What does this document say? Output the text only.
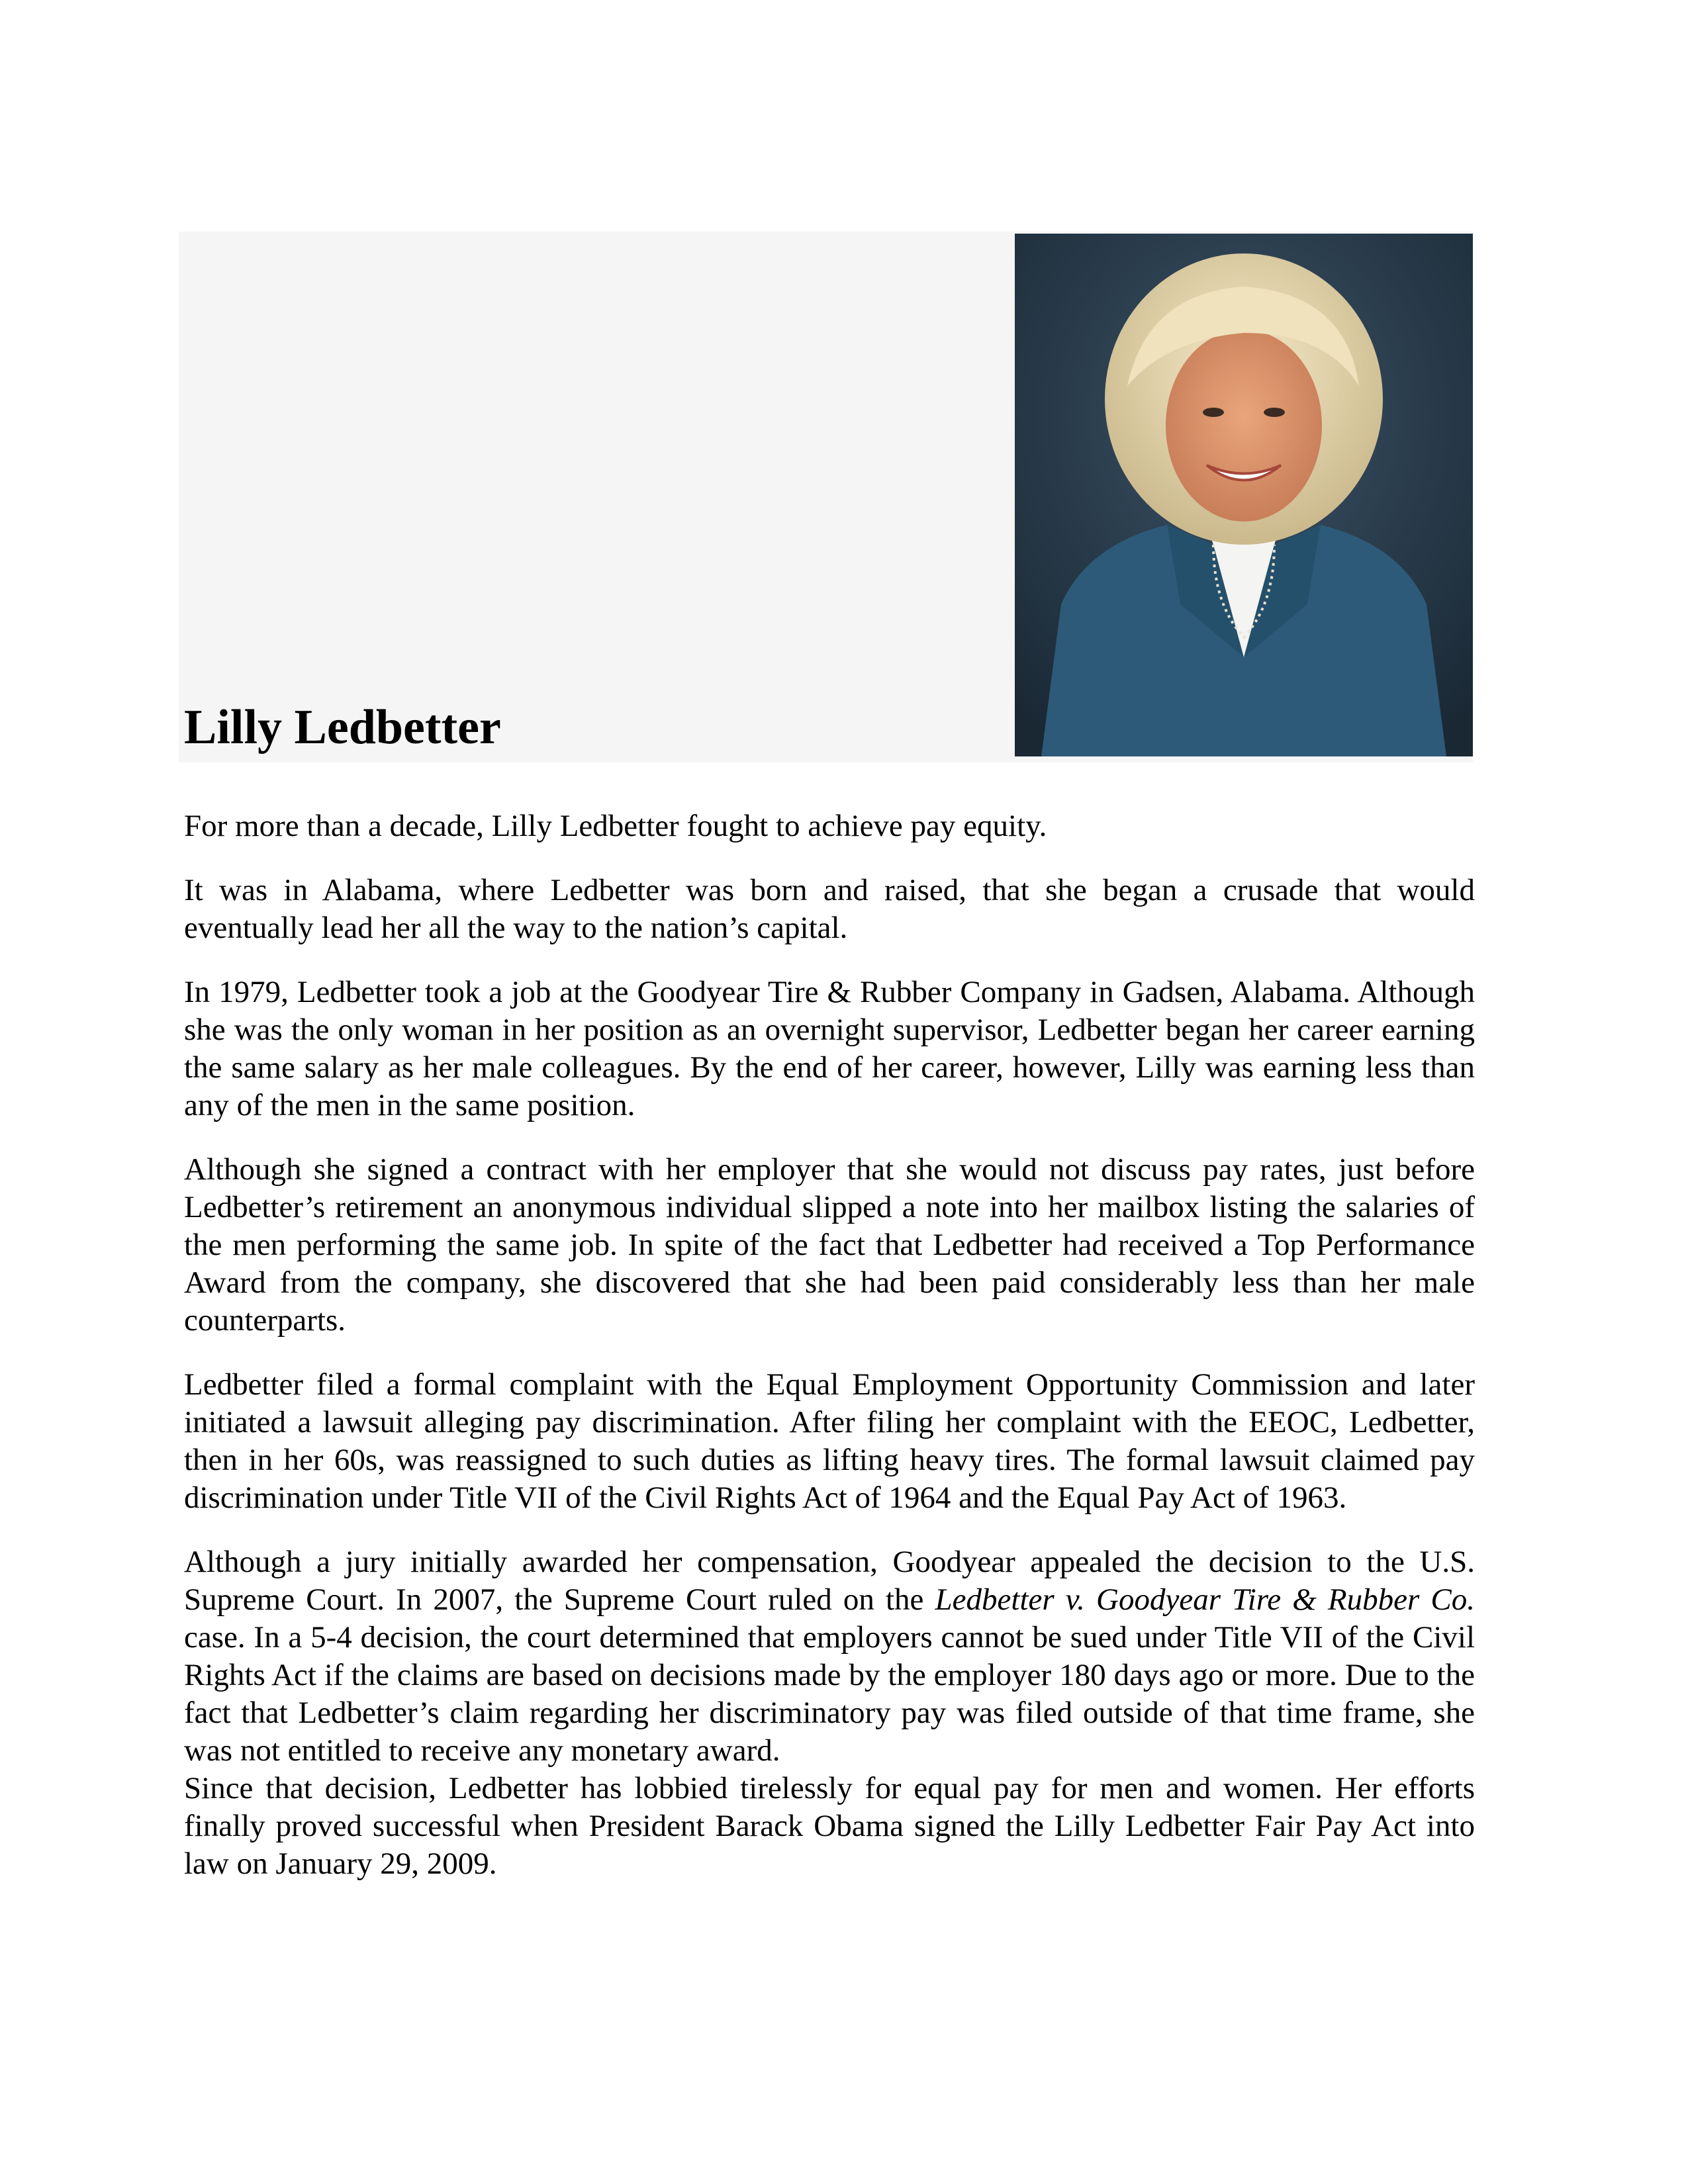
Lilly Ledbetter

For more than a decade, Lilly Ledbetter fought to achieve pay equity.

It was in Alabama, where Ledbetter was born and raised, that she began a crusade that would eventually lead her all the way to the nation’s capital.

In 1979, Ledbetter took a job at the Goodyear Tire & Rubber Company in Gadsen, Alabama. Although she was the only woman in her position as an overnight supervisor, Ledbetter began her career earning the same salary as her male colleagues. By the end of her career, however, Lilly was earning less than any of the men in the same position.

Although she signed a contract with her employer that she would not discuss pay rates, just before Ledbetter’s retirement an anonymous individual slipped a note into her mailbox listing the salaries of the men performing the same job. In spite of the fact that Ledbetter had received a Top Performance Award from the company, she discovered that she had been paid considerably less than her male counterparts.

Ledbetter filed a formal complaint with the Equal Employment Opportunity Commission and later initiated a lawsuit alleging pay discrimination. After filing her complaint with the EEOC, Ledbetter, then in her 60s, was reassigned to such duties as lifting heavy tires. The formal lawsuit claimed pay discrimination under Title VII of the Civil Rights Act of 1964 and the Equal Pay Act of 1963.

Although a jury initially awarded her compensation, Goodyear appealed the decision to the U.S. Supreme Court. In 2007, the Supreme Court ruled on the Ledbetter v. Goodyear Tire & Rubber Co. case. In a 5-4 decision, the court determined that employers cannot be sued under Title VII of the Civil Rights Act if the claims are based on decisions made by the employer 180 days ago or more. Due to the fact that Ledbetter’s claim regarding her discriminatory pay was filed outside of that time frame, she was not entitled to receive any monetary award.

Since that decision, Ledbetter has lobbied tirelessly for equal pay for men and women. Her efforts finally proved successful when President Barack Obama signed the Lilly Ledbetter Fair Pay Act into law on January 29, 2009.
